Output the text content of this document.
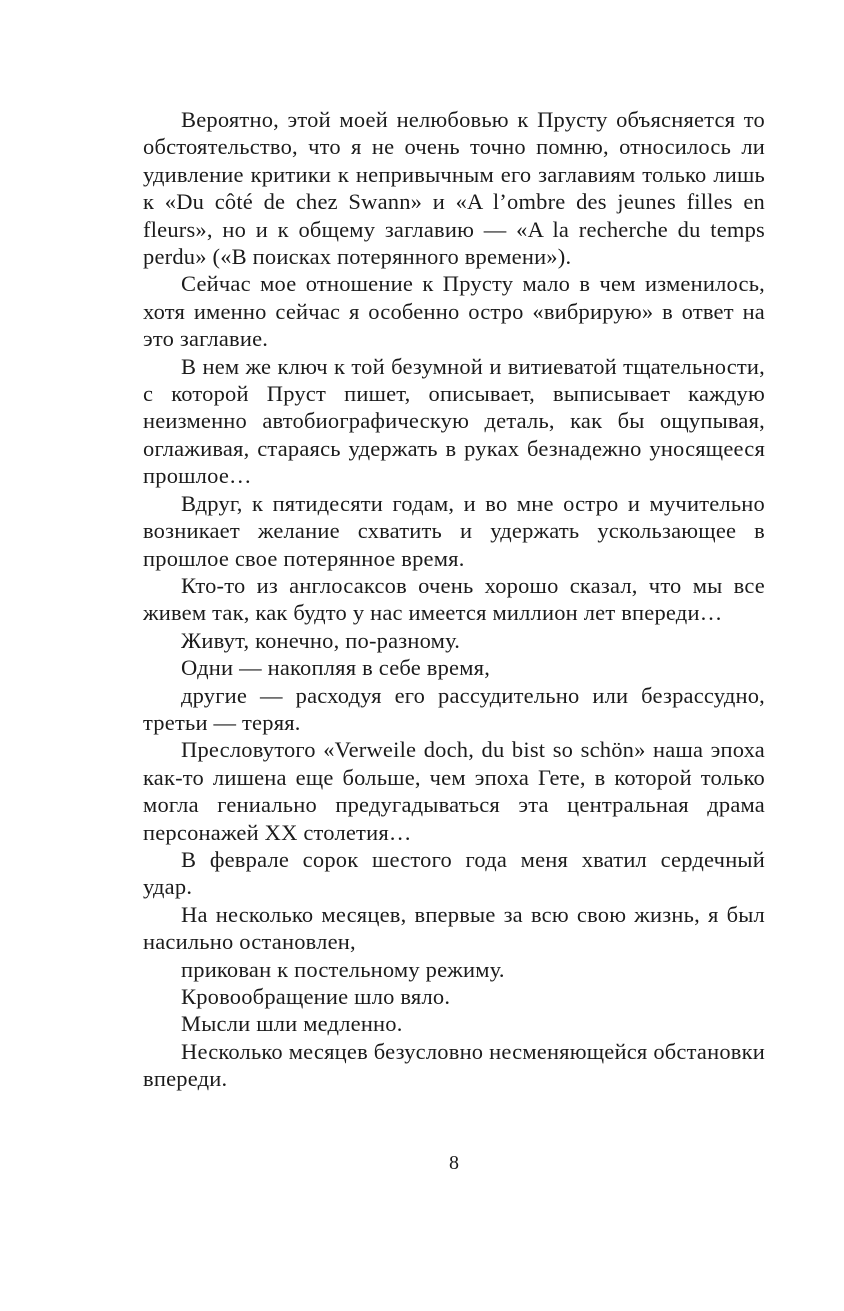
Вероятно, этой моей нелюбовью к Прусту объясняется то обстоятельство, что я не очень точно помню, относилось ли удивление критики к непривычным его заглавиям только лишь к «Du côté de chez Swann» и «A l’ombre des jeunes filles en fleurs», но и к общему заглавию — «A la recherche du temps perdu» («В поисках потерянного времени»).

Сейчас мое отношение к Прусту мало в чем изменилось, хотя именно сейчас я особенно остро «вибрирую» в ответ на это заглавие.

В нем же ключ к той безумной и витиеватой тщательности, с которой Пруст пишет, описывает, выписывает каждую неизменно автобиографическую деталь, как бы ощупывая, оглаживая, стараясь удержать в руках безнадежно уносящееся прошлое…

Вдруг, к пятидесяти годам, и во мне остро и мучительно возникает желание схватить и удержать ускользающее в прошлое свое потерянное время.

Кто-то из англосаксов очень хорошо сказал, что мы все живем так, как будто у нас имеется миллион лет впереди…

Живут, конечно, по-разному.

Одни — накопляя в себе время,

другие — расходуя его рассудительно или безрассудно, третьи — теряя.

Пресловутого «Verweile doch, du bist so schön» наша эпоха как-то лишена еще больше, чем эпоха Гете, в которой только могла гениально предугадываться эта центральная драма персонажей XX столетия…

В феврале сорок шестого года меня хватил сердечный удар.

На несколько месяцев, впервые за всю свою жизнь, я был насильно остановлен,

прикован к постельному режиму.

Кровообращение шло вяло.

Мысли шли медленно.

Несколько месяцев безусловно несменяющейся обстановки впереди.

8
